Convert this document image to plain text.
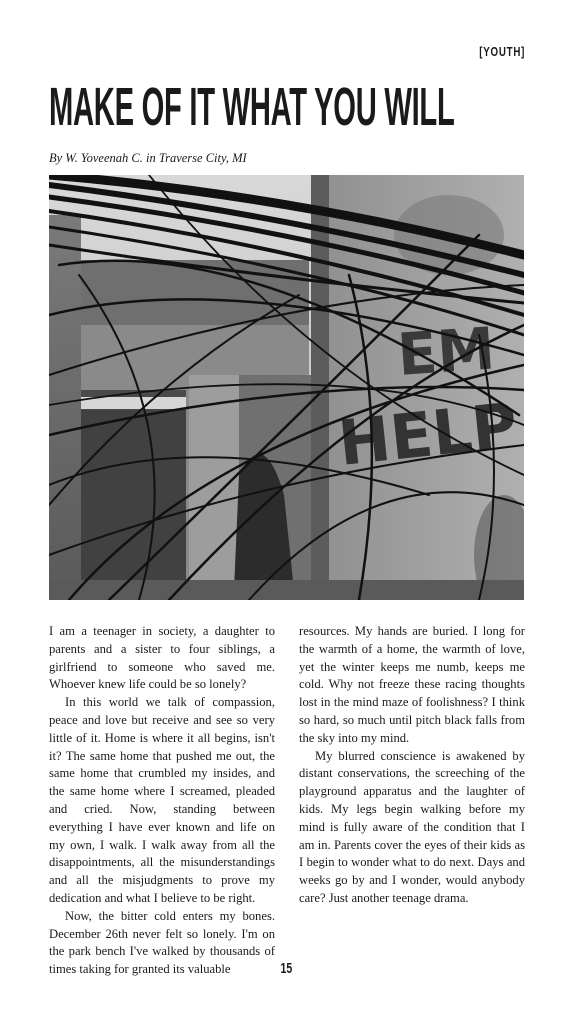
[YOUTH]
MAKE OF IT WHAT YOU WILL
By W. Yoveenah C. in Traverse City, MI
EM
HELP

I am a teenager in society, a daughter to parents and a sister to four siblings, a girlfriend to someone who saved me. Whoever knew life could be so lonely?

In this world we talk of compassion, peace and love but receive and see so very little of it. Home is where it all begins, isn't it? The same home that pushed me out, the same home that crumbled my insides, and the same home where I screamed, pleaded and cried. Now, standing between everything I have ever known and life on my own, I walk. I walk away from all the disappointments, all the misunderstandings and all the misjudgments to prove my dedication and what I believe to be right.

Now, the bitter cold enters my bones. December 26th never felt so lonely. I'm on the park bench I've walked by thousands of times taking for granted its valuable

resources. My hands are buried. I long for the warmth of a home, the warmth of love, yet the winter keeps me numb, keeps me cold. Why not freeze these racing thoughts lost in the mind maze of foolishness? I think so hard, so much until pitch black falls from the sky into my mind.

My blurred conscience is awakened by distant conservations, the screeching of the playground apparatus and the laughter of kids. My legs begin walking before my mind is fully aware of the condition that I am in. Parents cover the eyes of their kids as I begin to wonder what to do next. Days and weeks go by and I wonder, would anybody care? Just another teenage drama.

15
